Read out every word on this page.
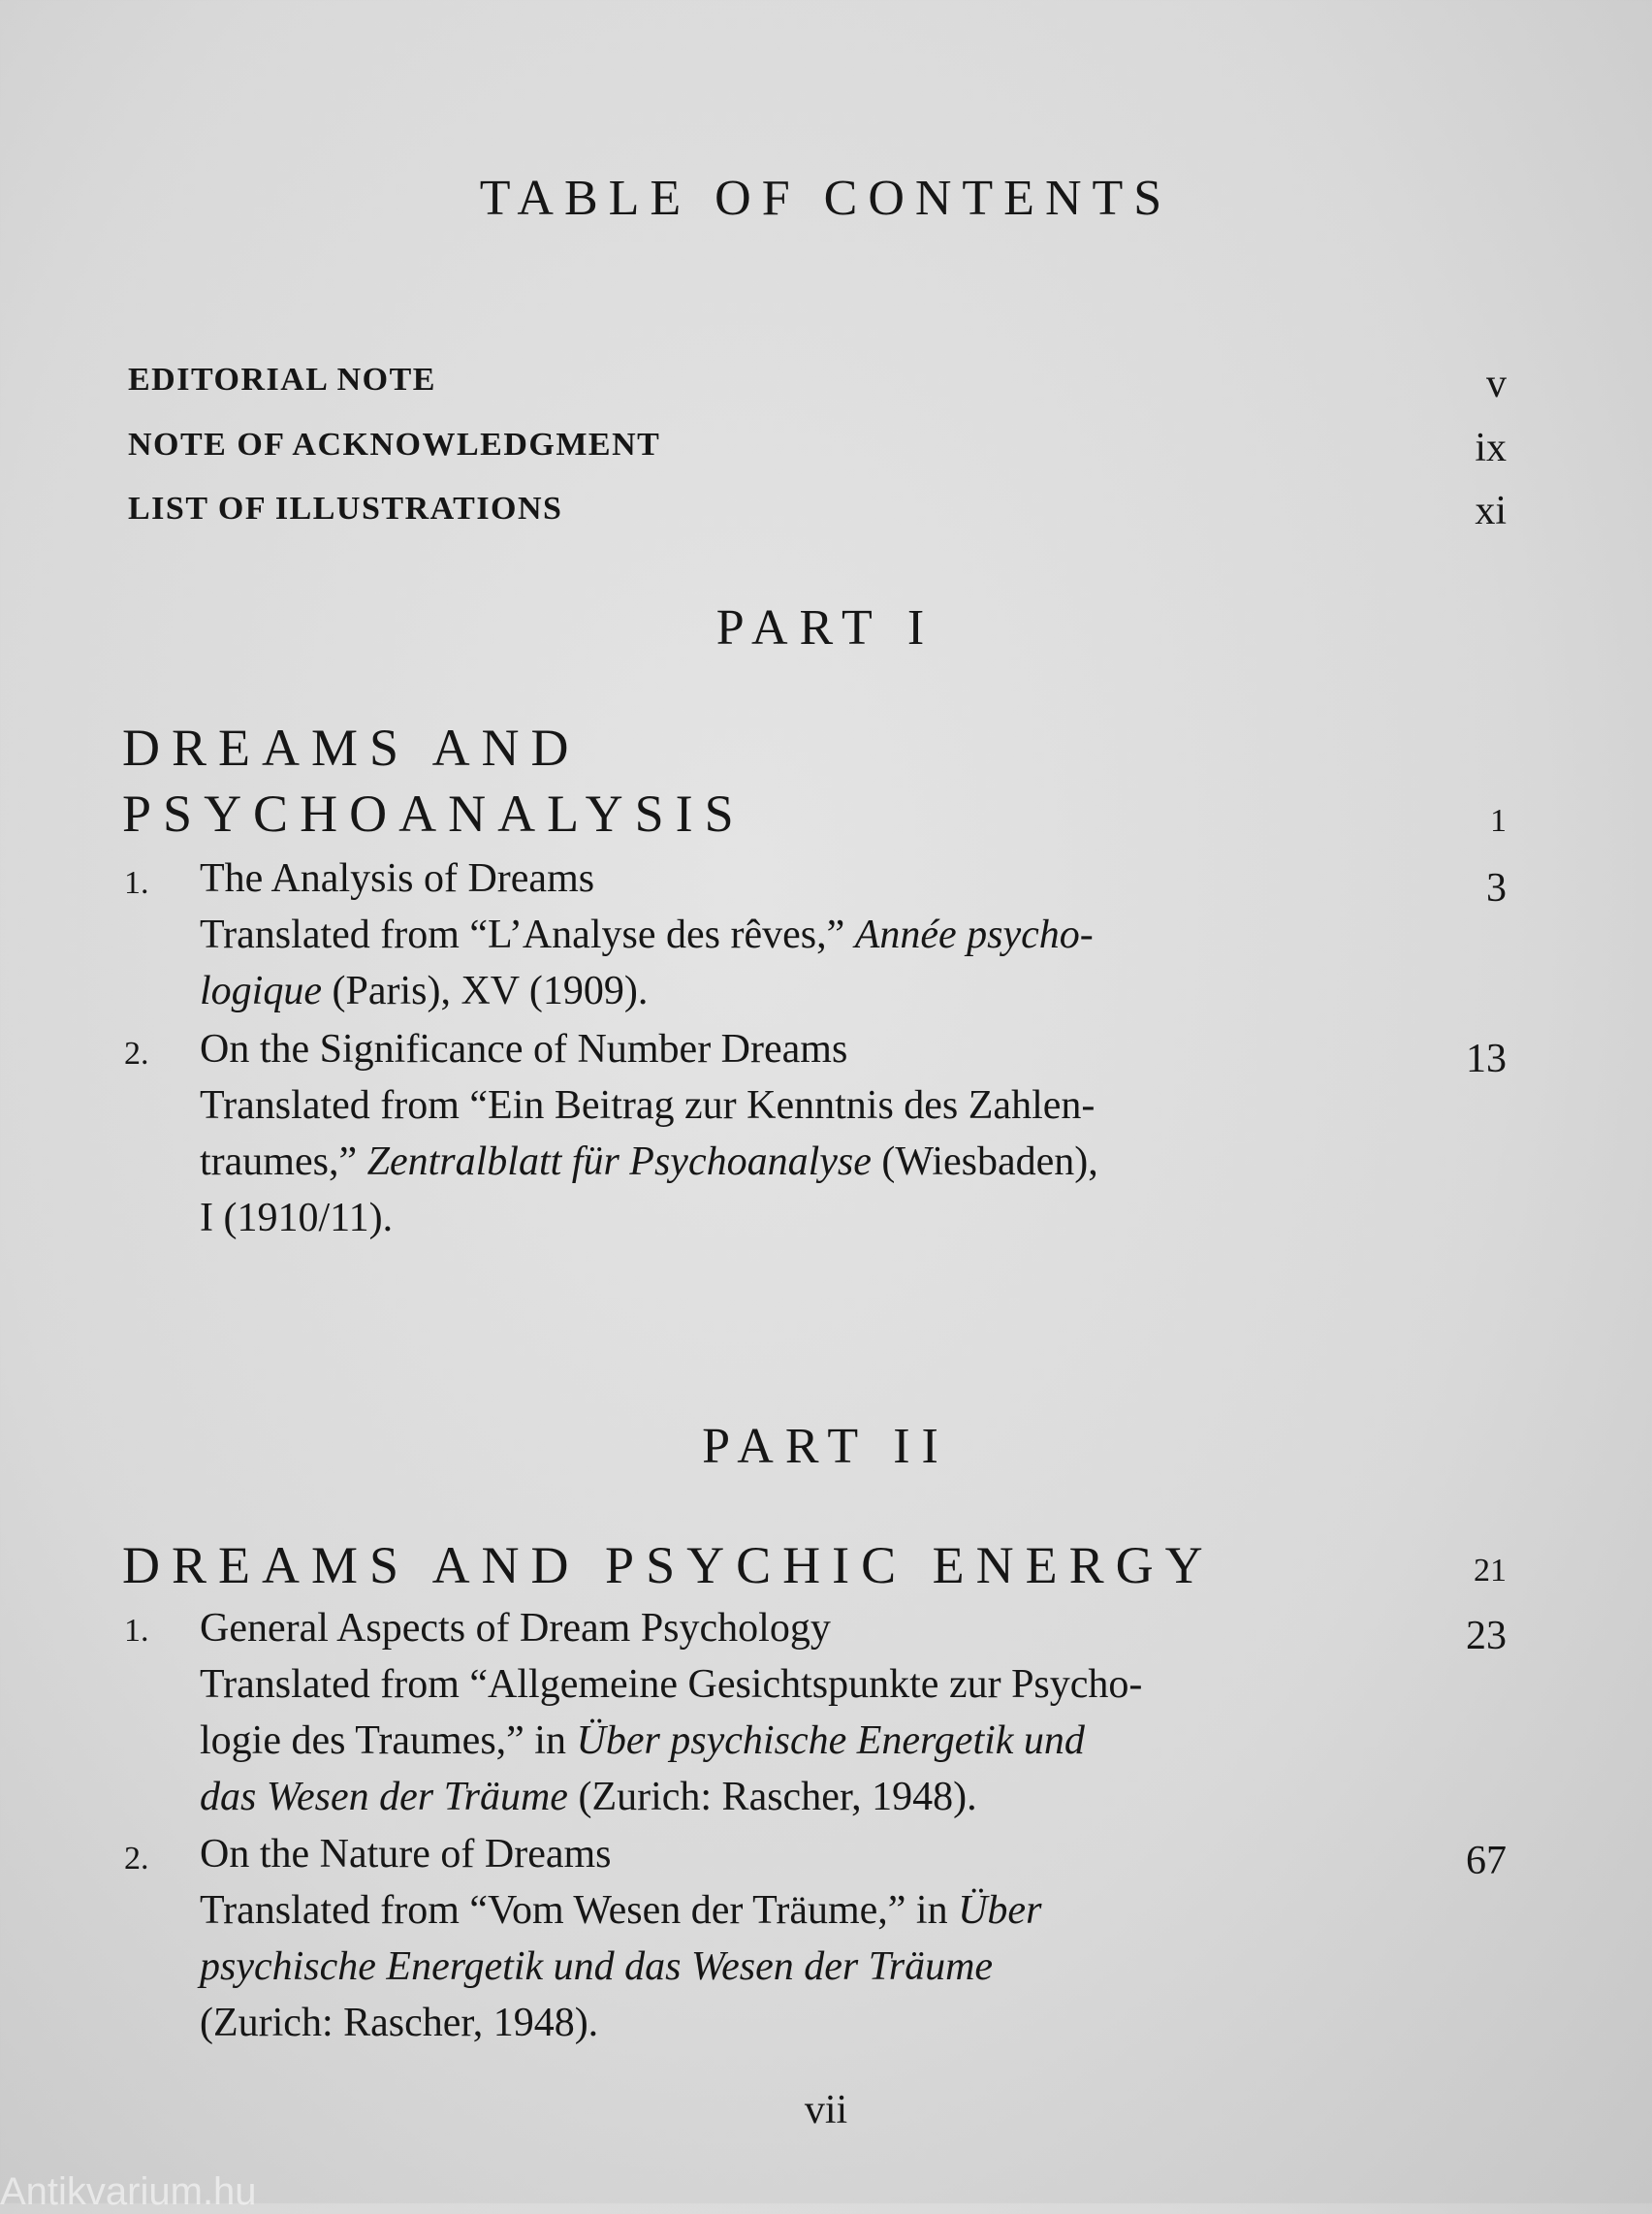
TABLE OF CONTENTS
EDITORIAL NOTE	v
NOTE OF ACKNOWLEDGMENT	ix
LIST OF ILLUSTRATIONS	xi
PART I
DREAMS AND
PSYCHOANALYSIS	1
1. The Analysis of Dreams	3
Translated from “L’Analyse des rêves,” Année psycho-
logique (Paris), XV (1909).
2. On the Significance of Number Dreams	13
Translated from “Ein Beitrag zur Kenntnis des Zahlen-
traumes,” Zentralblatt für Psychoanalyse (Wiesbaden),
I (1910/11).
PART II
DREAMS AND PSYCHIC ENERGY	21
1. General Aspects of Dream Psychology	23
Translated from “Allgemeine Gesichtspunkte zur Psycho-
logie des Traumes,” in Über psychische Energetik und
das Wesen der Träume (Zurich: Rascher, 1948).
2. On the Nature of Dreams	67
Translated from “Vom Wesen der Träume,” in Über
psychische Energetik und das Wesen der Träume
(Zurich: Rascher, 1948).
vii
Antikvarium.hu
